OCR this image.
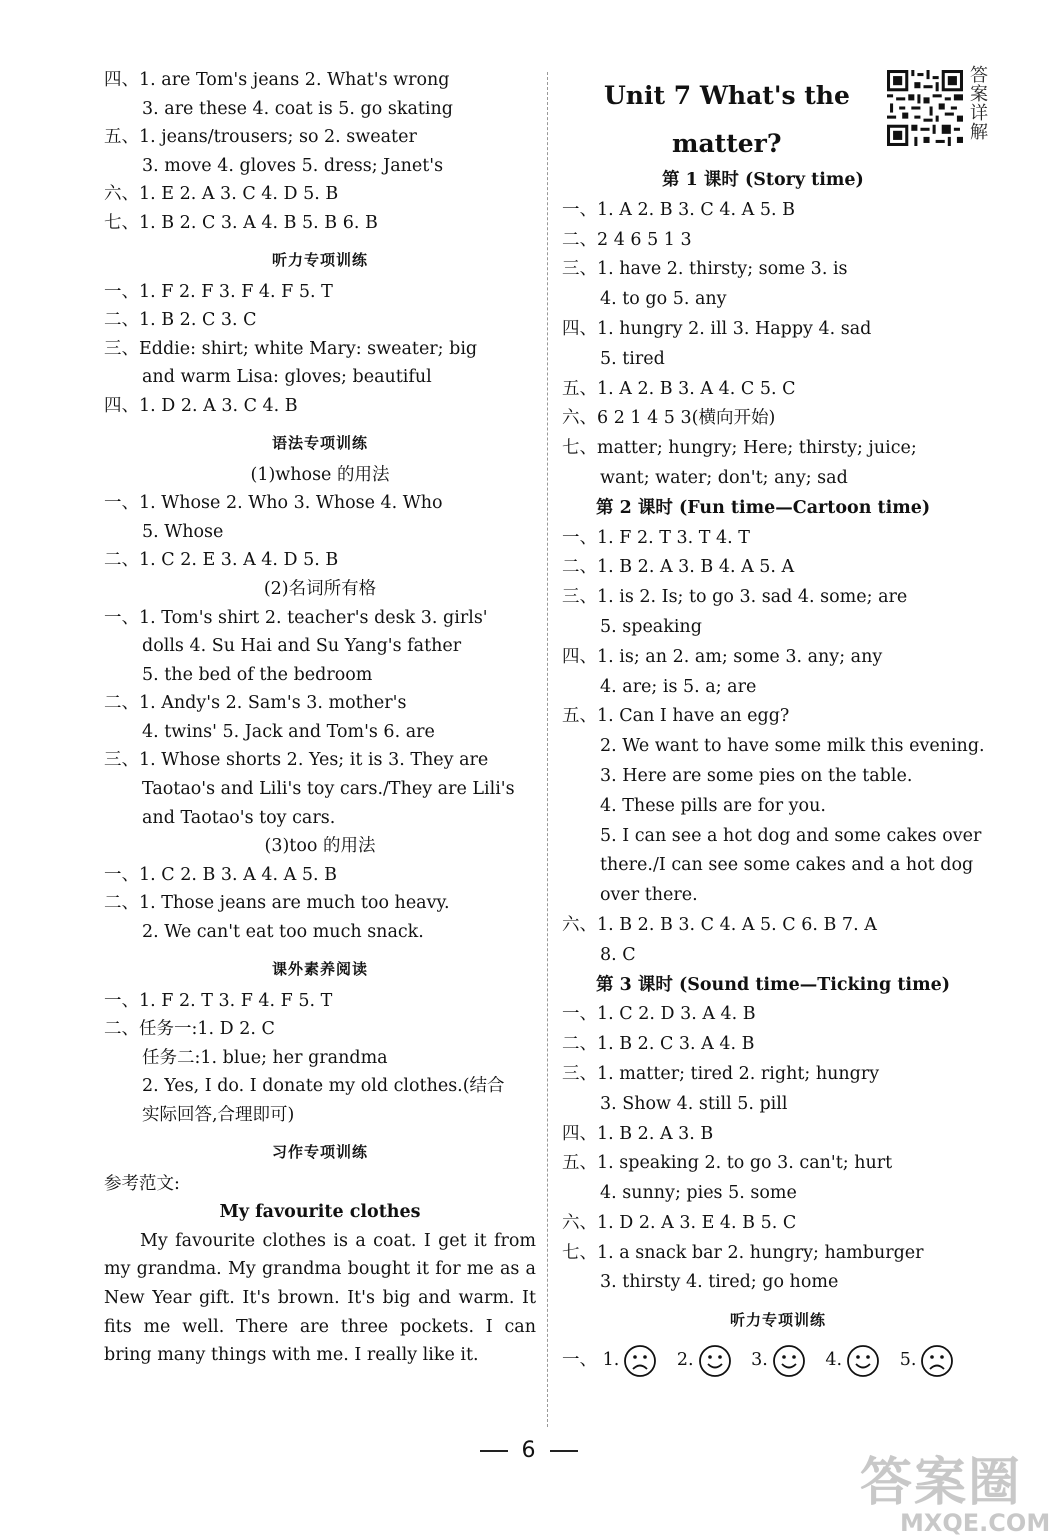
四、1. are Tom's jeans 2. What's wrong
3. are these 4. coat is 5. go skating
五、1. jeans/trousers; so 2. sweater
3. move 4. gloves 5. dress; Janet's
六、1. E 2. A 3. C 4. D 5. B
七、1. B 2. C 3. A 4. B 5. B 6. B
听力专项训练
一、1. F 2. F 3. F 4. F 5. T
二、1. B 2. C 3. C
三、Eddie: shirt; white Mary: sweater; big
and warm Lisa: gloves; beautiful
四、1. D 2. A 3. C 4. B
语法专项训练
(1)whose 的用法
一、1. Whose 2. Who 3. Whose 4. Who
5. Whose
二、1. C 2. E 3. A 4. D 5. B
(2)名词所有格
一、1. Tom's shirt 2. teacher's desk 3. girls'
dolls 4. Su Hai and Su Yang's father
5. the bed of the bedroom
二、1. Andy's 2. Sam's 3. mother's
4. twins' 5. Jack and Tom's 6. are
三、1. Whose shorts 2. Yes; it is 3. They are
Taotao's and Lili's toy cars./They are Lili's
and Taotao's toy cars.
(3)too 的用法
一、1. C 2. B 3. A 4. A 5. B
二、1. Those jeans are much too heavy.
2. We can't eat too much snack.
课外素养阅读
一、1. F 2. T 3. F 4. F 5. T
二、任务一:1. D 2. C
任务二:1. blue; her grandma
2. Yes, I do. I donate my old clothes.(结合
实际回答,合理即可)
习作专项训练
参考范文:
My favourite clothes
My favourite clothes is a coat. I get it from my grandma. My grandma bought it for me as a New Year gift. It's brown. It's big and warm. It fits me well. There are three pockets. I can bring many things with me. I really like it.
答案详解
Unit 7 What's the
matter?
第 1 课时 (Story time)
一、1. A 2. B 3. C 4. A 5. B
二、2 4 6 5 1 3
三、1. have 2. thirsty; some 3. is
4. to go 5. any
四、1. hungry 2. ill 3. Happy 4. sad
5. tired
五、1. A 2. B 3. A 4. C 5. C
六、6 2 1 4 5 3(横向开始)
七、matter; hungry; Here; thirsty; juice;
want; water; don't; any; sad
第 2 课时 (Fun time—Cartoon time)
一、1. F 2. T 3. T 4. T
二、1. B 2. A 3. B 4. A 5. A
三、1. is 2. Is; to go 3. sad 4. some; are
5. speaking
四、1. is; an 2. am; some 3. any; any
4. are; is 5. a; are
五、1. Can I have an egg?
2. We want to have some milk this evening.
3. Here are some pies on the table.
4. These pills are for you.
5. I can see a hot dog and some cakes over
there./I can see some cakes and a hot dog
over there.
六、1. B 2. B 3. C 4. A 5. C 6. B 7. A
8. C
第 3 课时 (Sound time—Ticking time)
一、1. C 2. D 3. A 4. B
二、1. B 2. C 3. A 4. B
三、1. matter; tired 2. right; hungry
3. Show 4. still 5. pill
四、1. B 2. A 3. B
五、1. speaking 2. to go 3. can't; hurt
4. sunny; pies 5. some
六、1. D 2. A 3. E 4. B 5. C
七、1. a snack bar 2. hungry; hamburger
3. thirsty 4. tired; go home
听力专项训练
一、 1.	2.	3.	4.	5.
6
答案圈
MXQE.COM
